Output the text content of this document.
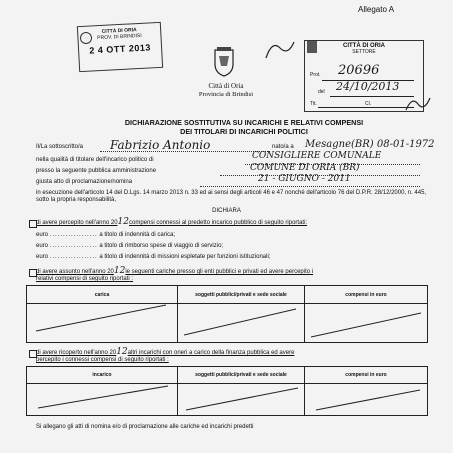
CITTÀ DI ORIA
PROV. DI BRINDISI
2 4 OTT 2013
Allegato A
Città di Oria
Provincia di Brindisi
CITTÀ DI ORIA
SETTORE
Prot. 20696
del 24/10/2013
Tit.	Cl.
DICHIARAZIONE SOSTITUTIVA SU INCARICHI E RELATIVI COMPENSI
DEI TITOLARI DI INCARICHI POLITICI
Il/La sottoscritto/a Fabrizio Antonio	nato/a a Mesagne(BR) 08-01-1972
nella qualità di titolare dell'incarico politico di	CONSIGLIERE COMUNALE
presso la seguente pubblica amministrazione	COMUNE DI ORIA (BR)
giusta atto di proclamazione/nomina	21 - GIUGNO - 2011
in esecuzione dell'articolo 14 del D.Lgs. 14 marzo 2013 n. 33 ed ai sensi degli articoli 46 e 47 nonché dell'articolo 76 del D.P.R. 28/12/2000, n. 445, sotto la propria responsabilità,
DICHIARA
di avere percepito nell'anno 2012compensi connessi al predetto incarico pubblico di seguito riportati:
euro .................. a titolo di indennità di carica;
euro .................. a titolo di rimborso spese di viaggio di servizio;
euro .................. a titolo di indennità di missioni espletate per funzioni istituzionali;
di avere assunto nell'anno 2012le seguenti cariche presso gli enti pubblici e privati ed avere percepito i
relativi compensi di seguito riportati :
carica	soggetti pubblici/privati e sede sociale	compensi in euro

di avere ricoperto nell'anno 2012altri incarichi con oneri a carico della finanza pubblica ed avere
percepito i connessi compensi di seguito riportati :
incarico	soggetti pubblici/privati e sede sociale	compensi in euro

Si allegano gli atti di nomina e/o di proclamazione alle cariche ed incarichi predetti
